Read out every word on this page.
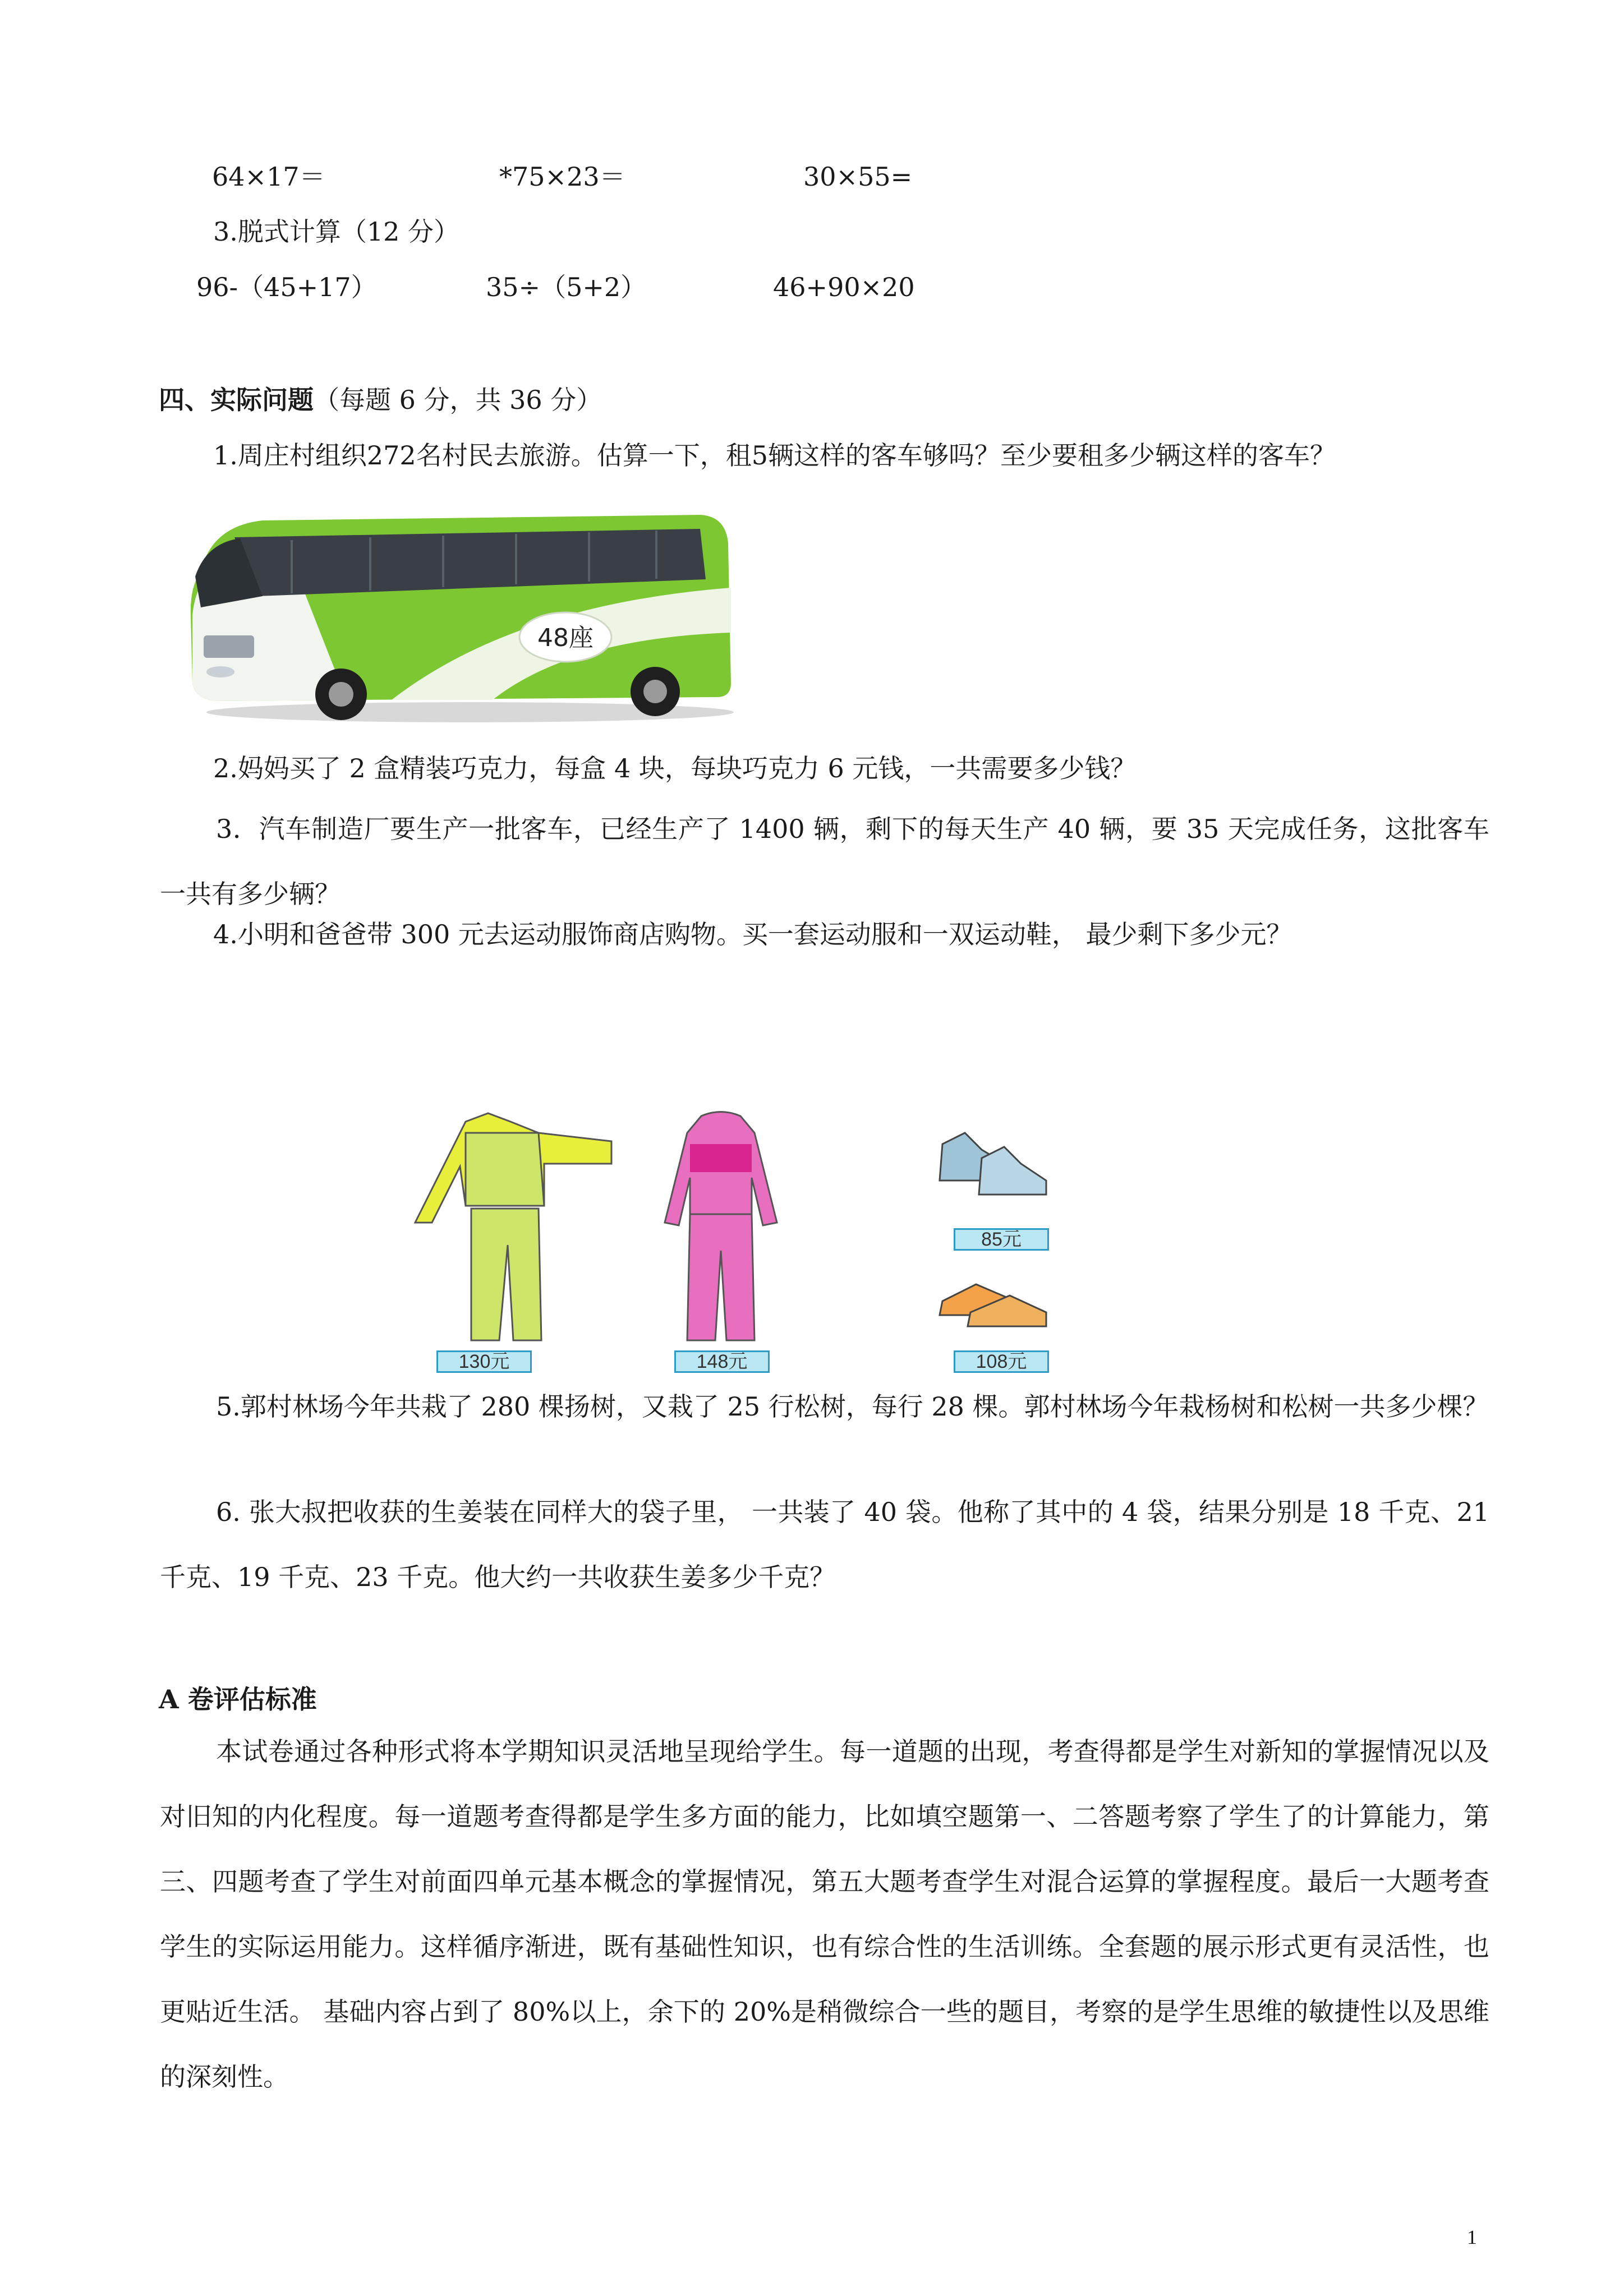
64×17＝	*75×23＝	30×55=
3.脱式计算（12 分）
96-（45+17）	35÷（5+2）	46+90×20
四、实际问题（每题 6 分，共 36 分）
1.周庄村组织272名村民去旅游。估算一下，租5辆这样的客车够吗？至少要租多少辆这样的客车？
48座
2.妈妈买了 2 盒精装巧克力，每盒 4 块，每块巧克力 6 元钱，一共需要多少钱？
3．汽车制造厂要生产一批客车，已经生产了 1400 辆，剩下的每天生产 40 辆，要 35 天完成任务，这批客车一共有多少辆？
4.小明和爸爸带 300 元去运动服饰商店购物。买一套运动服和一双运动鞋， 最少剩下多少元？
130元	148元
85元
108元
5.郭村林场今年共栽了 280 棵扬树，又栽了 25 行松树，每行 28 棵。郭村林场今年栽杨树和松树一共多少棵？
6. 张大叔把收获的生姜装在同样大的袋子里， 一共装了 40 袋。他称了其中的 4 袋，结果分别是 18 千克、21 千克、19 千克、23 千克。他大约一共收获生姜多少千克？
A 卷评估标准
本试卷通过各种形式将本学期知识灵活地呈现给学生。每一道题的出现，考查得都是学生对新知的掌握情况以及对旧知的内化程度。每一道题考查得都是学生多方面的能力，比如填空题第一、二答题考察了学生了的计算能力，第三、四题考查了学生对前面四单元基本概念的掌握情况，第五大题考查学生对混合运算的掌握程度。最后一大题考查学生的实际运用能力。这样循序渐进，既有基础性知识，也有综合性的生活训练。全套题的展示形式更有灵活性，也更贴近生活。 基础内容占到了 80%以上，余下的 20%是稍微综合一些的题目，考察的是学生思维的敏捷性以及思维的深刻性。
1
